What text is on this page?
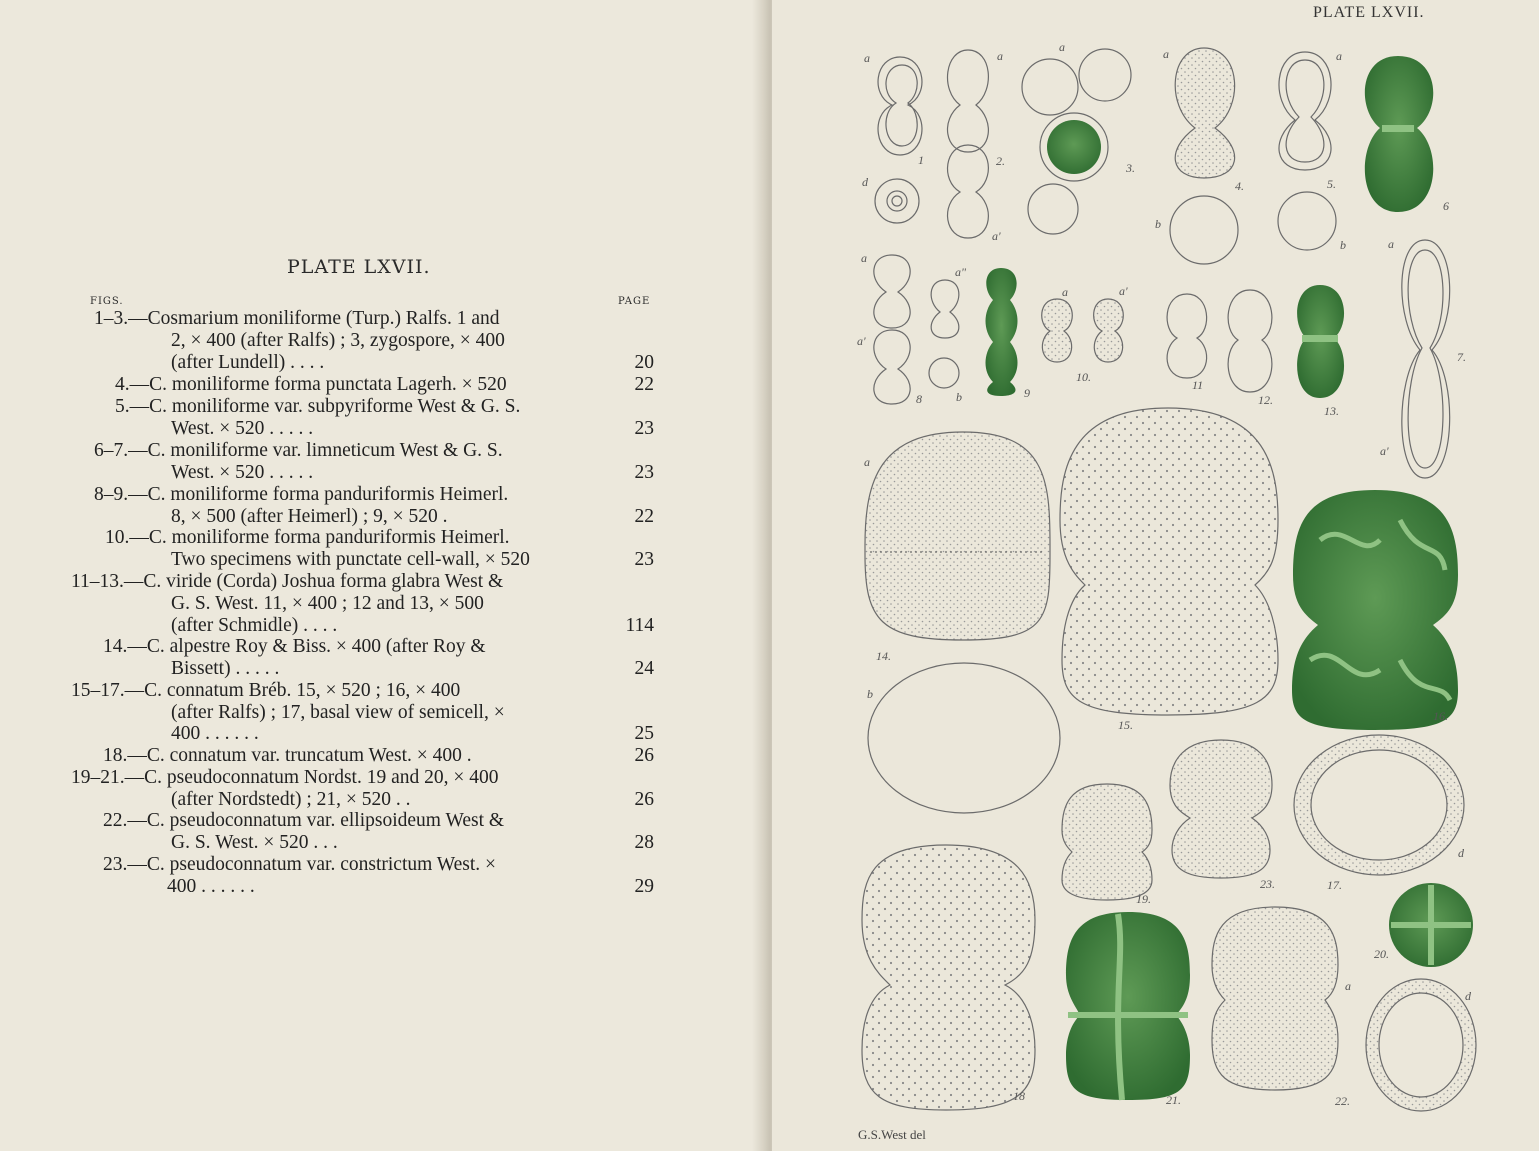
PLATE LXVII.
FIGS.	PAGE
1–3.—Cosmarium moniliforme (Turp.) Ralfs. 1 and
2, × 400 (after Ralfs) ; 3, zygospore, × 400
(after Lundell) . . . .	20
4.—C. moniliforme forma punctata Lagerh. × 520	22
5.—C. moniliforme var. subpyriforme West & G. S.
West. × 520 . . . . .	23
6–7.—C. moniliforme var. limneticum West & G. S.
West. × 520 . . . . .	23
8–9.—C. moniliforme forma panduriformis Heimerl.
8, × 500 (after Heimerl) ; 9, × 520 .	22
10.—C. moniliforme forma panduriformis Heimerl.
Two specimens with punctate cell-wall, × 520	23
11–13.—C. viride (Corda) Joshua forma glabra West &
G. S. West. 11, × 400 ; 12 and 13, × 500
(after Schmidle) . . . .	114
14.—C. alpestre Roy & Biss. × 400 (after Roy &
Bissett) . . . . .	24
15–17.—C. connatum Bréb. 15, × 520 ; 16, × 400
(after Ralfs) ; 17, basal view of semicell, ×
400 . . . . . .	25
18.—C. connatum var. truncatum West. × 400 .	26
19–21.—C. pseudoconnatum Nordst. 19 and 20, × 400
(after Nordstedt) ; 21, × 520 . .	26
22.—C. pseudoconnatum var. ellipsoideum West &
G. S. West. × 520 . . .	28
23.—C. pseudoconnatum var. constrictum West. ×
400 . . . . . .	29
PLATE LXVII.
G.S.West del
1	2.	3.
4.	5.
6
7.
8	9
10.
11
12.
13.
14.
15.
16.
17.
18
19.
20.
21.	22.
23.
a	a	a	a
a
d
a'
b
b	a
a"
a
a'
a'
b
a
a'
a
b
d
a
d
